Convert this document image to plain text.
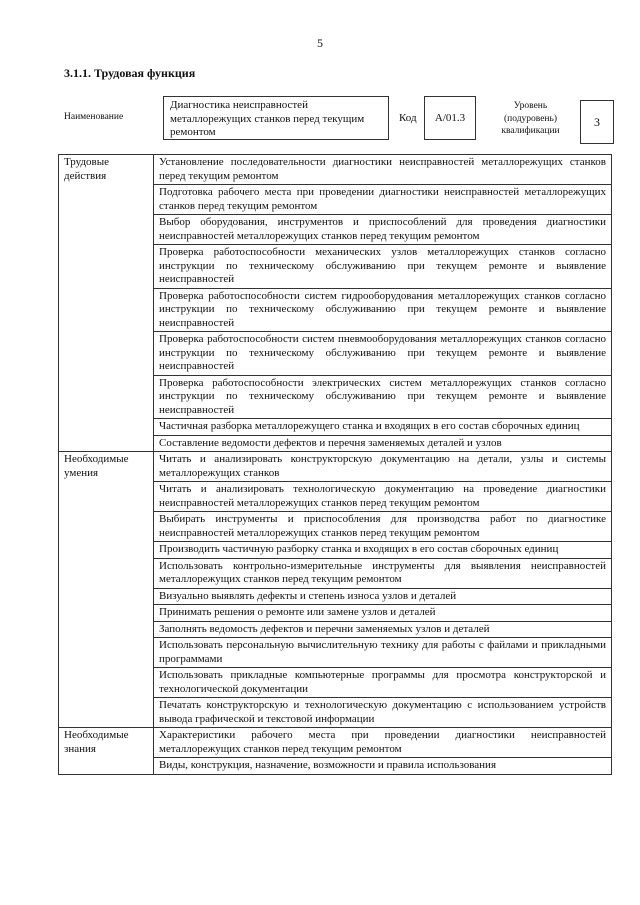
5
3.1.1. Трудовая функция
Наименование
Диагностика неисправностей металлорежущих станков перед текущим ремонтом
Код	А/01.3
Уровень (подуровень) квалификации
3
Трудовые действия	Установление последовательности диагностики неисправностей металлорежущих станков перед текущим ремонтом
	Подготовка рабочего места при проведении диагностики неисправностей металлорежущих станков перед текущим ремонтом
	Выбор оборудования, инструментов и приспособлений для проведения диагностики неисправностей металлорежущих станков перед текущим ремонтом
	Проверка работоспособности механических узлов металлорежущих станков согласно инструкции по техническому обслуживанию при текущем ремонте и выявление неисправностей
	Проверка работоспособности систем гидрооборудования металлорежущих станков согласно инструкции по техническому обслуживанию при текущем ремонте и выявление неисправностей
	Проверка работоспособности систем пневмооборудования металлорежущих станков согласно инструкции по техническому обслуживанию при текущем ремонте и выявление неисправностей
	Проверка работоспособности электрических систем металлорежущих станков согласно инструкции по техническому обслуживанию при текущем ремонте и выявление неисправностей
	Частичная разборка металлорежущего станка и входящих в его состав сборочных единиц
	Составление ведомости дефектов и перечня заменяемых деталей и узлов
Необходимые умения	Читать и анализировать конструкторскую документацию на детали, узлы и системы металлорежущих станков
	Читать и анализировать технологическую документацию на проведение диагностики неисправностей металлорежущих станков перед текущим ремонтом
	Выбирать инструменты и приспособления для производства работ по диагностике неисправностей металлорежущих станков перед текущим ремонтом
	Производить частичную разборку станка и входящих в его состав сборочных единиц
	Использовать контрольно-измерительные инструменты для выявления неисправностей металлорежущих станков перед текущим ремонтом
	Визуально выявлять дефекты и степень износа узлов и деталей
	Принимать решения о ремонте или замене узлов и деталей
	Заполнять ведомость дефектов и перечни заменяемых узлов и деталей
	Использовать персональную вычислительную технику для работы с файлами и прикладными программами
	Использовать прикладные компьютерные программы для просмотра конструкторской и технологической документации
	Печатать конструкторскую и технологическую документацию с использованием устройств вывода графической и текстовой информации
Необходимые знания	Характеристики рабочего места при проведении диагностики неисправностей металлорежущих станков перед текущим ремонтом
	Виды, конструкция, назначение, возможности и правила использования
